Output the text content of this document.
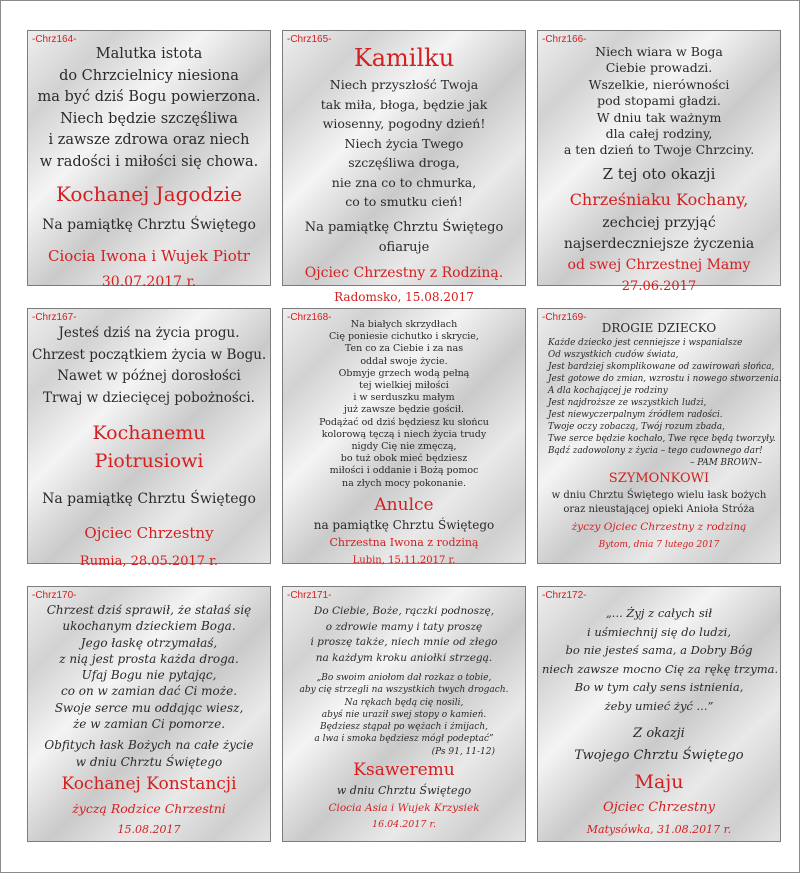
-Chrz164-
Malutka istota
do Chrzcielnicy niesiona
ma być dziś Bogu powierzona.
Niech będzie szczęśliwa
i zawsze zdrowa oraz niech
w radości i miłości się chowa.
Kochanej Jagodzie
Na pamiątkę Chrztu Świętego
Ciocia Iwona i Wujek Piotr
30.07.2017 r.
-Chrz165-
Kamilku
Niech przyszłość Twoja
tak miła, błoga, będzie jak
wiosenny, pogodny dzień!
Niech życia Twego
szczęśliwa droga,
nie zna co to chmurka,
co to smutku cień!
Na pamiątkę Chrztu Świętego
ofiaruje
Ojciec Chrzestny z Rodziną.
Radomsko, 15.08.2017
-Chrz166-
Niech wiara w Boga
Ciebie prowadzi.
Wszelkie, nierówności
pod stopami gładzi.
W dniu tak ważnym
dla całej rodziny,
a ten dzień to Twoje Chrzciny.
Z tej oto okazji
Chrześniaku Kochany,
zechciej przyjąć
najserdeczniejsze życzenia
od swej Chrzestnej Mamy
27.06.2017
-Chrz167-
Jesteś dziś na życia progu.
Chrzest początkiem życia w Bogu.
Nawet w późnej dorosłości
Trwaj w dziecięcej pobożności.
Kochanemu
Piotrusiowi
Na pamiątkę Chrztu Świętego
Ojciec Chrzestny
Rumia, 28.05.2017 r.
-Chrz168-
Na białych skrzydłach
Cię poniesie cichutko i skrycie,
Ten co za Ciebie i za nas
oddał swoje życie.
Obmyje grzech wodą pełną
tej wielkiej miłości
i w serduszku małym
już zawsze będzie gościł.
Podążać od dziś będziesz ku słońcu
kolorową tęczą i niech życia trudy
nigdy Cię nie zmęczą,
bo tuż obok mieć będziesz
miłości i oddanie i Bożą pomoc
na złych mocy pokonanie.
Anulce
na pamiątkę Chrztu Świętego
Chrzestna Iwona z rodziną
Lubin, 15.11.2017 r.
-Chrz169-
DROGIE DZIECKO
Każde dziecko jest cenniejsze i wspanialsze
Od wszystkich cudów świata,
Jest bardziej skomplikowane od zawirowań słońca,
Jest gotowe do zmian, wzrostu i nowego stworzenia.
A dla kochającej je rodziny
Jest najdroższe ze wszystkich ludzi,
Jest niewyczerpalnym źródłem radości.
Twoje oczy zobaczą, Twój rozum zbada,
Twe serce będzie kochało, Twe ręce będą tworzyły.
Bądź zadowolony z życia – tego cudownego dar!
– PAM BROWN–
SZYMONKOWI
w dniu Chrztu Świętego wielu łask bożych
oraz nieustającej opieki Anioła Stróża
życzy Ojciec Chrzestny z rodziną
Bytom, dnia 7 lutego 2017
-Chrz170-
Chrzest dziś sprawił, że stałaś się
ukochanym dzieckiem Boga.
Jego łaskę otrzymałaś,
z nią jest prosta każda droga.
Ufaj Bogu nie pytając,
co on w zamian dać Ci może.
Swoje serce mu oddając wiesz,
że w zamian Ci pomorze.
Obfitych łask Bożych na całe życie
w dniu Chrztu Świętego
Kochanej Konstancji
życzą Rodzice Chrzestni
15.08.2017
-Chrz171-
Do Ciebie, Boże, rączki podnoszę,
o zdrowie mamy i taty proszę
i proszę także, niech mnie od złego
na każdym kroku aniołki strzegą.
„Bo swoim aniołom dał rozkaz o tobie,
aby cię strzegli na wszystkich twych drogach.
Na rękach będą cię nosili,
abyś nie uraził swej stopy o kamień.
Będziesz stąpał po wężach i żmijach,
a lwa i smoka będziesz mógł podeptać”
(Ps 91, 11-12)
Ksaweremu
w dniu Chrztu Świętego
Ciocia Asia i Wujek Krzysiek
16.04.2017 r.
-Chrz172-
„... Żyj z całych sił
i uśmiechnij się do ludzi,
bo nie jesteś sama, a Dobry Bóg
niech zawsze mocno Cię za rękę trzyma.
Bo w tym cały sens istnienia,
żeby umieć żyć ...”
Z okazji
Twojego Chrztu Świętego
Maju
Ojciec Chrzestny
Matysówka, 31.08.2017 r.
